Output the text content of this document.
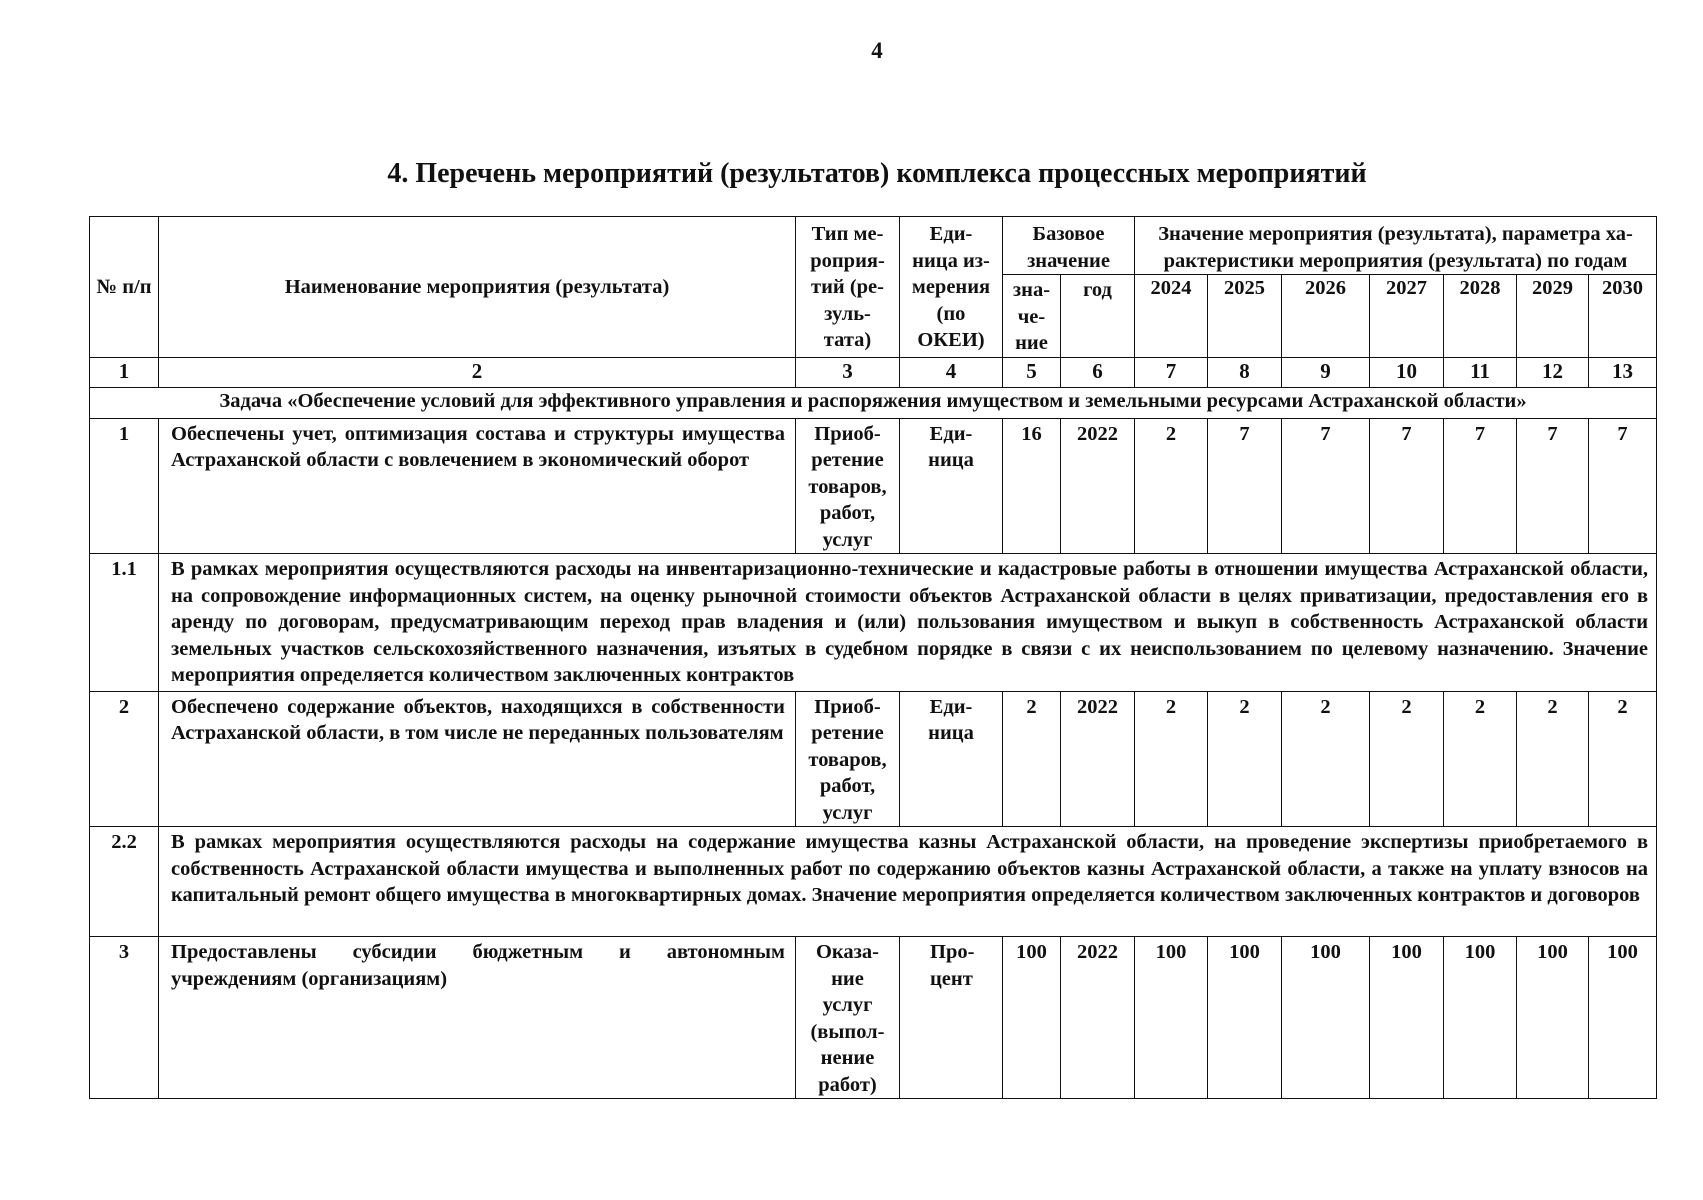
4
4. Перечень мероприятий (результатов) комплекса процессных мероприятий
№ п/п	Наименование мероприятия (результата)	Тип ме-роприя-тий (ре-зуль-тата)	Еди-ница из-мерения (по ОКЕИ)	Базовое значение		Значение мероприятия (результата), параметра ха-рактеристики мероприятия (результата) по годам						
				зна-че-ние	год	2024	2025	2026	2027	2028	2029	2030
1	2	3	4	5	6	7	8	9	10	11	12	13
Задача «Обеспечение условий для эффективного управления и распоряжения имуществом и земельными ресурсами Астраханской области»												
1	Обеспечены учет, оптимизация состава и структуры имущества Астраханской области с вовлечением в экономический оборот	Приоб-ретение товаров, работ, услуг	Еди-ница	16	2022	2	7	7	7	7	7	7
1.1	В рамках мероприятия осуществляются расходы на инвентаризационно-технические и кадастровые работы в отношении имущества Астраханской области, на сопровождение информационных систем, на оценку рыночной стоимости объектов Астраханской области в целях приватизации, предоставления его в аренду по договорам, предусматривающим переход прав владения и (или) пользования имуществом и выкуп в собственность Астраханской области земельных участков сельскохозяйственного назначения, изъятых в судебном порядке в связи с их неиспользованием по целевому назначению. Значение мероприятия определяется количеством заключенных контрактов											
2	Обеспечено содержание объектов, находящихся в собственности Астраханской области, в том числе не переданных пользователям	Приоб-ретение товаров, работ, услуг	Еди-ница	2	2022	2	2	2	2	2	2	2
2.2	В рамках мероприятия осуществляются расходы на содержание имущества казны Астраханской области, на проведение экспертизы приобретаемого в собственность Астраханской области имущества и выполненных работ по содержанию объектов казны Астраханской области, а также на уплату взносов на капитальный ремонт общего имущества в многоквартирных домах. Значение мероприятия определяется количеством заключенных контрактов и договоров											
3	Предоставлены субсидии бюджетным и автономным учреждениям (организациям)	Оказа-ние услуг (выпол-нение работ)	Про-цент	100	2022	100	100	100	100	100	100	100
